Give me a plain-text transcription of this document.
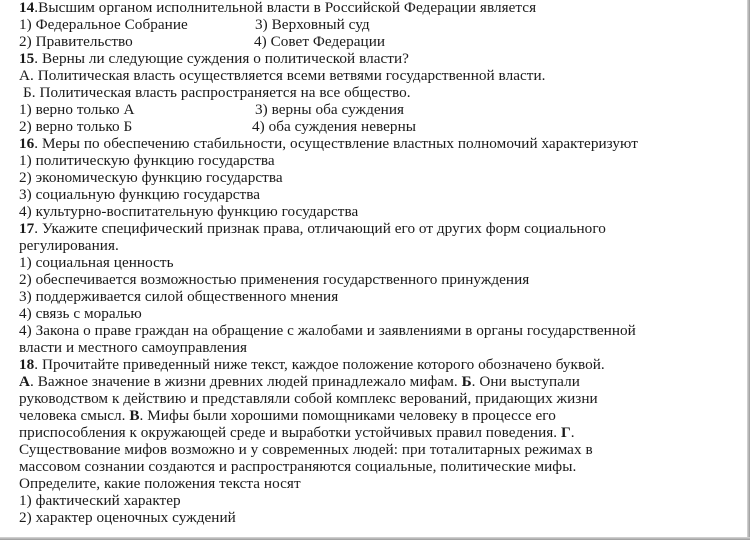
14.Высшим органом исполнительной власти в Российской Федерации является
1) Федеральное Собрание	3) Верховный суд
2) Правительство	4) Совет Федерации
15. Верны ли следующие суждения о политической власти?
А. Политическая власть осуществляется всеми ветвями государственной власти.
Б. Политическая власть распространяется на все общество.
1) верно только А	3) верны оба суждения
2) верно только Б	4) оба суждения неверны
16. Меры по обеспечению стабильности, осуществление властных полномочий характеризуют
1) политическую функцию государства
2) экономическую функцию государства
3) социальную функцию государства
4) культурно-воспитательную функцию государства
17. Укажите специфический признак права, отличающий его от других форм социального
регулирования.
1) социальная ценность
2) обеспечивается возможностью применения государственного принуждения
3) поддерживается силой общественного мнения
4) связь с моралью
4) Закона о праве граждан на обращение с жалобами и заявлениями в органы государственной
власти и местного самоуправления
18. Прочитайте приведенный ниже текст, каждое положение которого обозначено буквой.
А. Важное значение в жизни древних людей принадлежало мифам. Б. Они выступали
руководством к действию и представляли собой комплекс верований, придающих жизни
человека смысл. В. Мифы были хорошими помощниками человеку в процессе его
приспособления к окружающей среде и выработки устойчивых правил поведения. Г.
Существование мифов возможно и у современных людей: при тоталитарных режимах в
массовом сознании создаются и распространяются социальные, политические мифы.
Определите, какие положения текста носят
1) фактический характер
2) характер оценочных суждений
